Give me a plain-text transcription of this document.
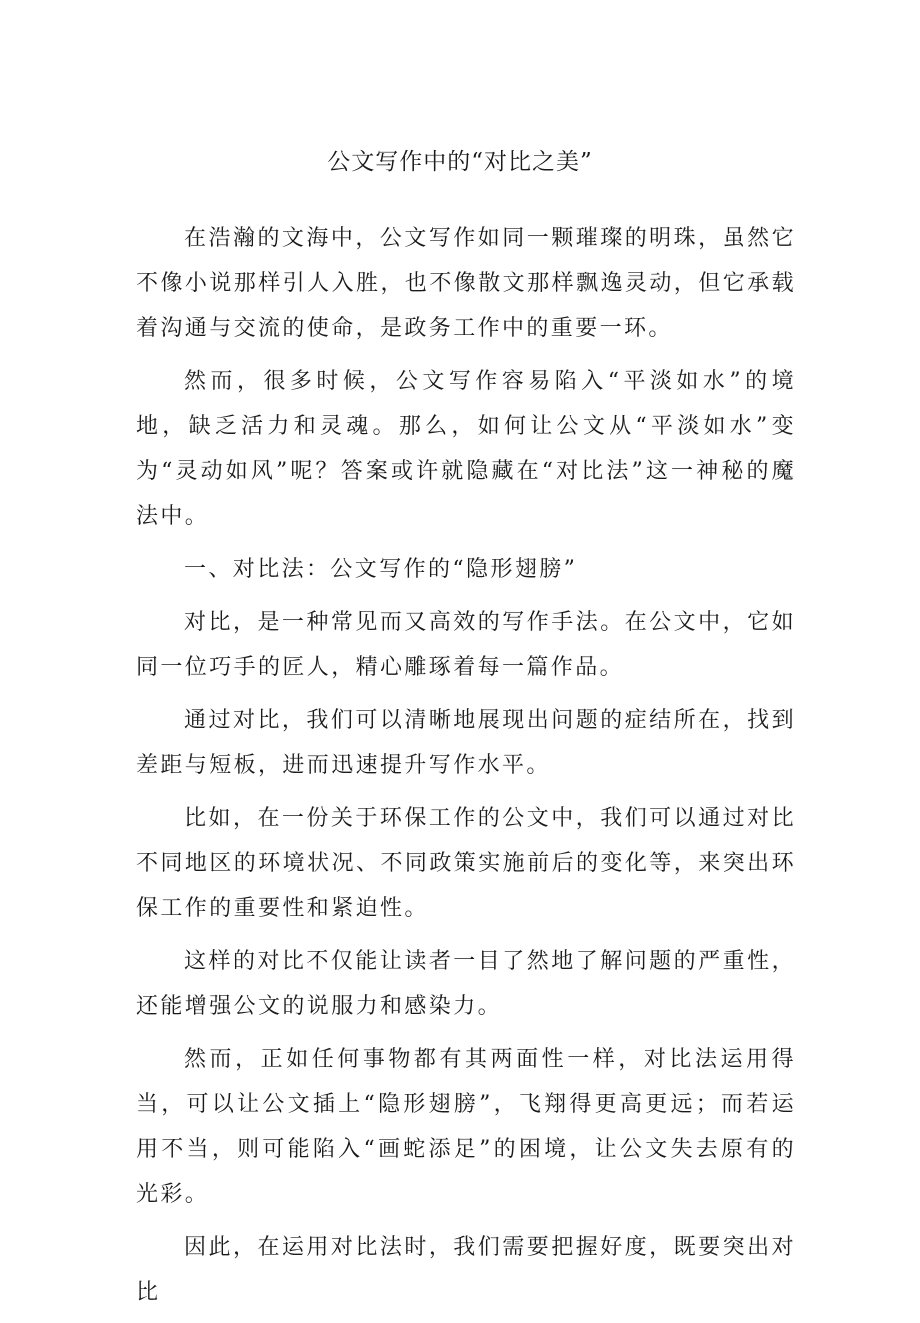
公文写作中的“对比之美”

在浩瀚的文海中，公文写作如同一颗璀璨的明珠，虽然它不像小说那样引人入胜，也不像散文那样飘逸灵动，但它承载着沟通与交流的使命，是政务工作中的重要一环。

然而，很多时候，公文写作容易陷入“平淡如水”的境地，缺乏活力和灵魂。那么，如何让公文从“平淡如水”变为“灵动如风”呢？答案或许就隐藏在“对比法”这一神秘的魔法中。

一、对比法：公文写作的“隐形翅膀”

对比，是一种常见而又高效的写作手法。在公文中，它如同一位巧手的匠人，精心雕琢着每一篇作品。

通过对比，我们可以清晰地展现出问题的症结所在，找到差距与短板，进而迅速提升写作水平。

比如，在一份关于环保工作的公文中，我们可以通过对比不同地区的环境状况、不同政策实施前后的变化等，来突出环保工作的重要性和紧迫性。

这样的对比不仅能让读者一目了然地了解问题的严重性，还能增强公文的说服力和感染力。

然而，正如任何事物都有其两面性一样，对比法运用得当，可以让公文插上“隐形翅膀”，飞翔得更高更远；而若运用不当，则可能陷入“画蛇添足”的困境，让公文失去原有的光彩。

因此，在运用对比法时，我们需要把握好度，既要突出对比
